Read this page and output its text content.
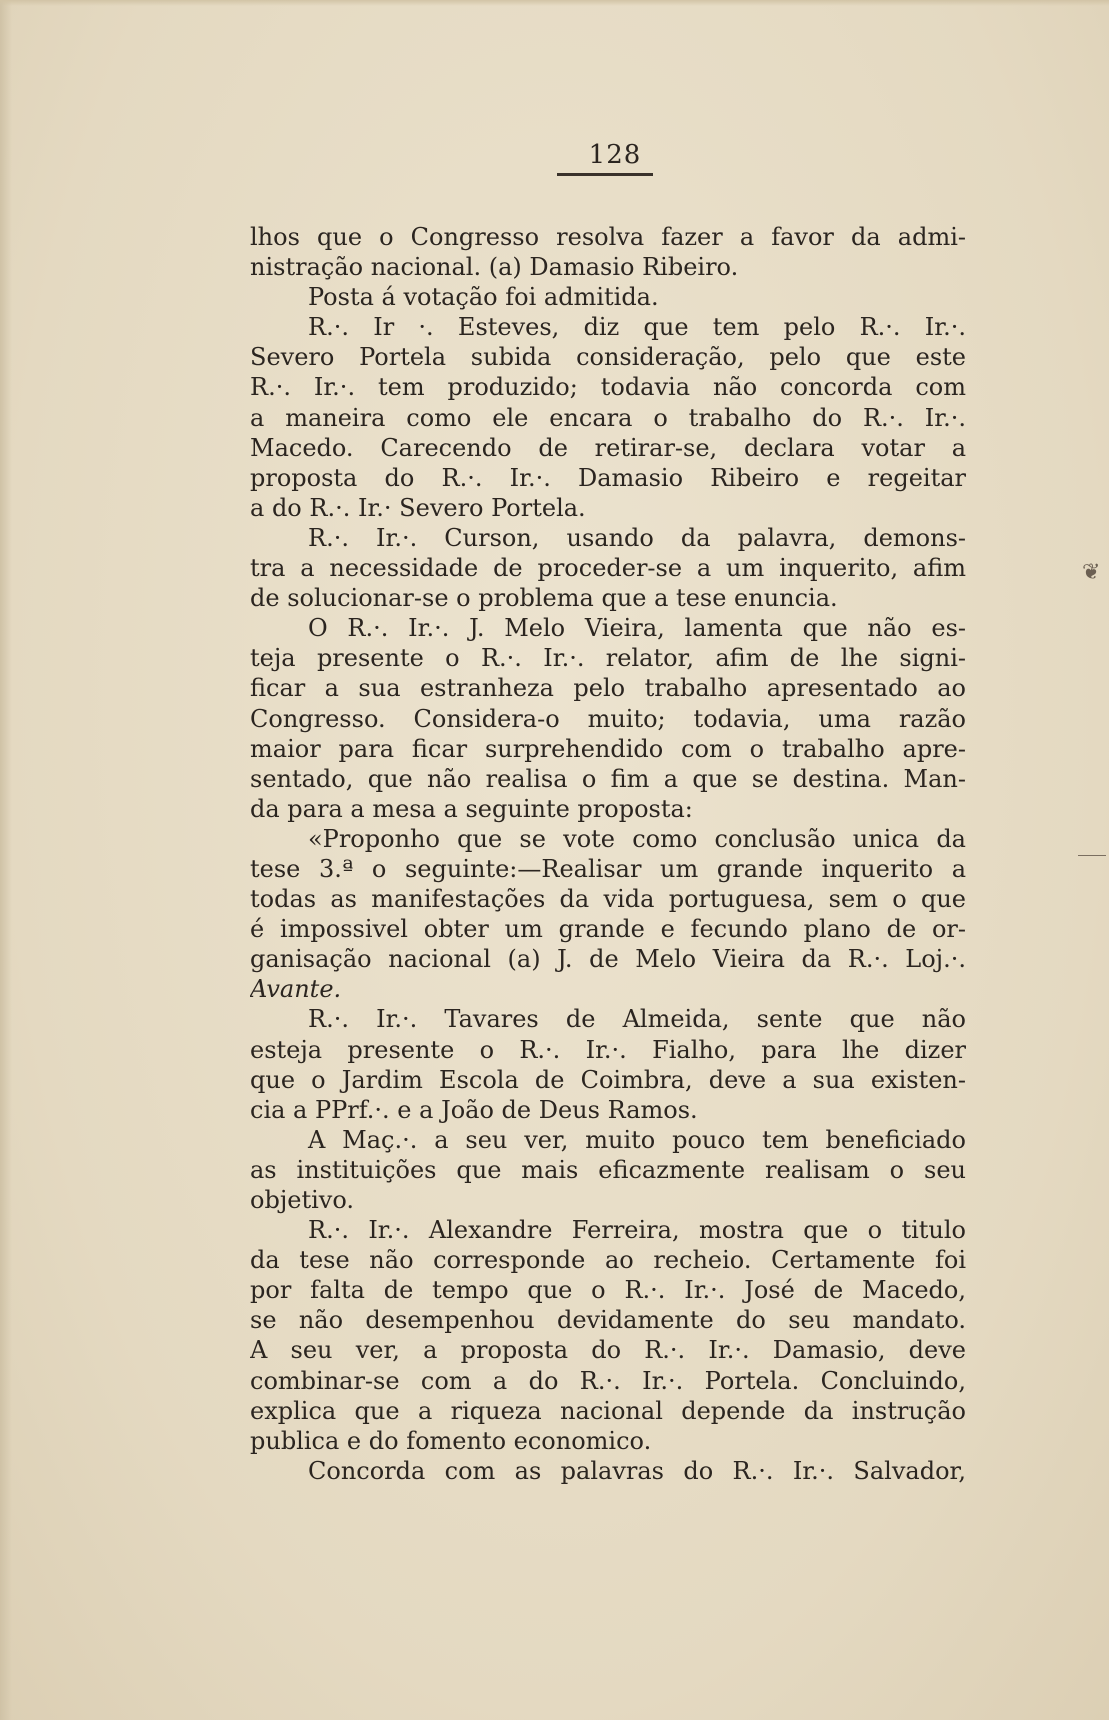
128
❦
lhos que o Congresso resolva fazer a favor da admi-
nistração nacional. (a) Damasio Ribeiro.
Posta á votação foi admitida.
R.·. Ir ·. Esteves, diz que tem pelo R.·. Ir.·.
Severo Portela subida consideração, pelo que este
R.·. Ir.·. tem produzido; todavia não concorda com
a maneira como ele encara o trabalho do R.·. Ir.·.
Macedo. Carecendo de retirar-se, declara votar a
proposta do R.·. Ir.·. Damasio Ribeiro e regeitar
a do R.·. Ir.· Severo Portela.
R.·. Ir.·. Curson, usando da palavra, demons-
tra a necessidade de proceder-se a um inquerito, afim
de solucionar-se o problema que a tese enuncia.
O R.·. Ir.·. J. Melo Vieira, lamenta que não es-
teja presente o R.·. Ir.·. relator, afim de lhe signi-
ficar a sua estranheza pelo trabalho apresentado ao
Congresso. Considera-o muito; todavia, uma razão
maior para ficar surprehendido com o trabalho apre-
sentado, que não realisa o fim a que se destina. Man-
da para a mesa a seguinte proposta:
«Proponho que se vote como conclusão unica da
tese 3.ª o seguinte:—Realisar um grande inquerito a
todas as manifestações da vida portuguesa, sem o que
é impossivel obter um grande e fecundo plano de or-
ganisação nacional (a) J. de Melo Vieira da R.·. Loj.·.
Avante.
R.·. Ir.·. Tavares de Almeida, sente que não
esteja presente o R.·. Ir.·. Fialho, para lhe dizer
que o Jardim Escola de Coimbra, deve a sua existen-
cia a PPrf.·. e a João de Deus Ramos.
A Maç.·. a seu ver, muito pouco tem beneficiado
as instituições que mais eficazmente realisam o seu
objetivo.
R.·. Ir.·. Alexandre Ferreira, mostra que o titulo
da tese não corresponde ao recheio. Certamente foi
por falta de tempo que o R.·. Ir.·. José de Macedo,
se não desempenhou devidamente do seu mandato.
A seu ver, a proposta do R.·. Ir.·. Damasio, deve
combinar-se com a do R.·. Ir.·. Portela. Concluindo,
explica que a riqueza nacional depende da instrução
publica e do fomento economico.
Concorda com as palavras do R.·. Ir.·. Salvador,
